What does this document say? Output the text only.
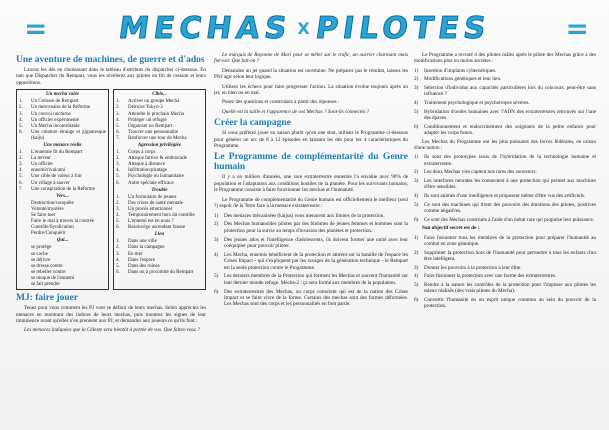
= MECHAS X PILOTES	=
Une aventure de machines, de guerre et d'ados

Lancez les dés en choisissant dans le tableau d'attributs du dispatcher ci-dessous. En tant que Dispatcher du Rempart, vous les révélerez aux pilotes en fin de cession et leurs oppositions.

Un mecha volée
1.	Un Colosse de Rempart
2.	Un mercenaire de la Réforme
3.	Un convoi nocturne
4.	Un officier expérimenté
5.	Un Mecha incontrôlable
6.	Une créature étrange et gigantesque (kaiju)
Une menace réelle
1.	L'ennemie fit du Rempart
2.	La terreur
3.	Un officier
4.	ennemi/rival/ami
5.	Une cible de valeur à fuir
6.	Un village à sauver
7.	Une conspiration de la Réforme
Vers...
Destruction/conquête
Volonté/mystère
Se faire tuer
Faire le mal à travers la contrée
Contrôle/Syndication
Perdre/Conquérir
Qui...
se protège
se cache
se délivre
se dresse contre
se rebeller contre
se moque de l'ennemi
se fait prendre
Cible...
1.	Activer un groupe Mecha
2.	Détruire Tokyo-3
3.	Attendre le prochain Mecha
4.	Protéger un réfugié
5.	Organiser un Rempart
6.	Trouver une personnalité
7.	Renforcer une tour de Mecha
Agression privilégiée
1.	Corps à corps
2.	Attaque furtive & embuscade
3.	Attaque à distance
4.	Infiltration/piratage
5.	Psychologie ou humanitaire
6.	Autre spéciale efficace
Trouble
1.	Un formulaire de jeunes
2.	Des crises de santé mentale
3.	Un procès émotionnel
4.	Temporairement hors du contrôle
5.	L'ennemi est en nous ?
6.	Besoin/égo ascendant fausse
Lieu
1.	Dans une ville
2.	Dans la campagne
3.	En mer
4.	Dans l'espace
5.	Dans des ruines
6.	Dans ou à proximité du Rempart
MJ: faire jouer

Tenez pour vous comment les PJ vont se définir de leurs mechas. Selon appréciez les menaces en montrant des indices de leurs mechas, puis montrez les signes de leur imminence avant qu'elles n'en prennent aux PJ, et demandez aux joueurs ce qu'ils font :

Les menaces indiquées que la Céleste sera bientôt à portée de vos. Que faites-vous ?

Le marquis de Rayonne de Mari pour se mêler sur le trafic, un ouvrier charmant mais fiervoir. Que fait-on ?

Demandez un jet quand la situation est incertaine. Ne préparez pas le résultat, laissez les PNJ agir selon leur logique.

Utilisez les échecs pour faire progresser l'action. La situation évolue toujours après un jet, en bien ou en mal.

Posez des questions et construisez à partir des réponses :

Quelle est la taille et l'apparence de vos Mechas ? Sont-ils connectés ?

Créer la campagne

Si vous préférez jouer en saison plutôt qu'en one shot, utilisez le Programme ci-dessous pour générer un arc de 8 à 12 épisodes en laissant les dés pour les 4 caractéristiques du Programme.

Le Programme de complémentarité du Genre humain

Il y a un milliers d'années, une race extraterrestre ennemie l'a envahie avec 90% de population et l'adaptation aux conditions hostiles de la planète. Pour les survivants humains, le Programme consiste à faire fonctionner les mechas et l'humanité.

Le Programme de complémentarité du Genre humain est officiellement le meilleur (seul ?) espoir de la Terre face à la menace extraterrestre :

1)	Des menaces mécanisées (kaijus) vous menacent aux limites de la protection.
2)	Des Mechas humanoïdes pilotes par des binômes de jeunes femmes et hommes sont la protection pour la survie au temps d'invasion des planètes et protection.
3)	Des jeunes ados et l'intelligence d'adolescents, ils doivent former une unité avec leur coéquipier pour pouvoir piloter.
4)	Les Mecha, ennemis bénéficient de la protection et attirent sur la bataille de l'espace les Crises Impact - qui s'expliquent par les ravages de la génération technique - le Rempart est la seule protection contre le Programme.
5)	Les derniers membres de la Protection qui forment les Mechas et sauvent l'humanité sur leur dernier monde refuge. Mécha-2 : ça sera formé aux membres de la population.
6)	Des extraterrestres des Mechas, un corps conscient qui est de la nation des Crises Impact et se faire vivre de la forme. Certains des mechas sont des formes déformées. Les Mechas sont des corps et les personnalités en font partie.

Le Programme a recruté 4 des pilotes mâles après le pilote des Mechas grâce à des modifications plus ou moins secrètes :

1)	Insertion d'implants cybernétiques.
2)	Modifications génétiques et leur lien.
3)	Sélection d'individus aux capacités particulières lors du concours, peut-être sans influence ?
4)	Traitement psychologique et psychotropes sévères.
5)	Hybridation d'ondes humaines avec l'ADN des extraterrestres retrouvés sur l'une des épaves.
6)	Conditionnement et endoctrinement des soignants de la petite enfance pour adapter les corps futurs.

Les Mechas du Programme ont les plus puissants des forces fédérales, en raison d'une notion :

1)	Ils sont des prototypes issus de l'hybridation de la technologie humaine et extraterrestre.
2)	Les deux Mechas vies captent nos rares des souvenirs.
3)	Les interfaces neurales les connectent à une protection qui permet aux machines d'être sensibles.
4)	Ils sont animés d'une intelligence et proposent même d'être vus des artificiels.
5)	Ce sont des machines qui tirent des pouvoirs des émotions des pilotes, positives comme négatives.
6)	Ce sont des Mechas construits à l'aide d'un métal rare qui propulse leur puissance.

Son objectif secret est de :

1)	Faire fusionner tous les membres de la protection pour préparer l'humanité au combat en zone géantique.
2)	Supprimer la protection hors de l'humanité pour permettre à tous les enfants d'un être intelligent.
3)	Donner les pouvoirs à la protection à leur élite.
4)	Faire fusionner la protection avec une forme des extraterrestres.
5)	Rendre à la nature les contrôles de la protection pour l'imposer aux pilotes les mieux réalisés (des vrais pilotes du Mecha).
6)	Convertir l'humanité en un esprit unique commun au sein du pouvoir de la protection.
